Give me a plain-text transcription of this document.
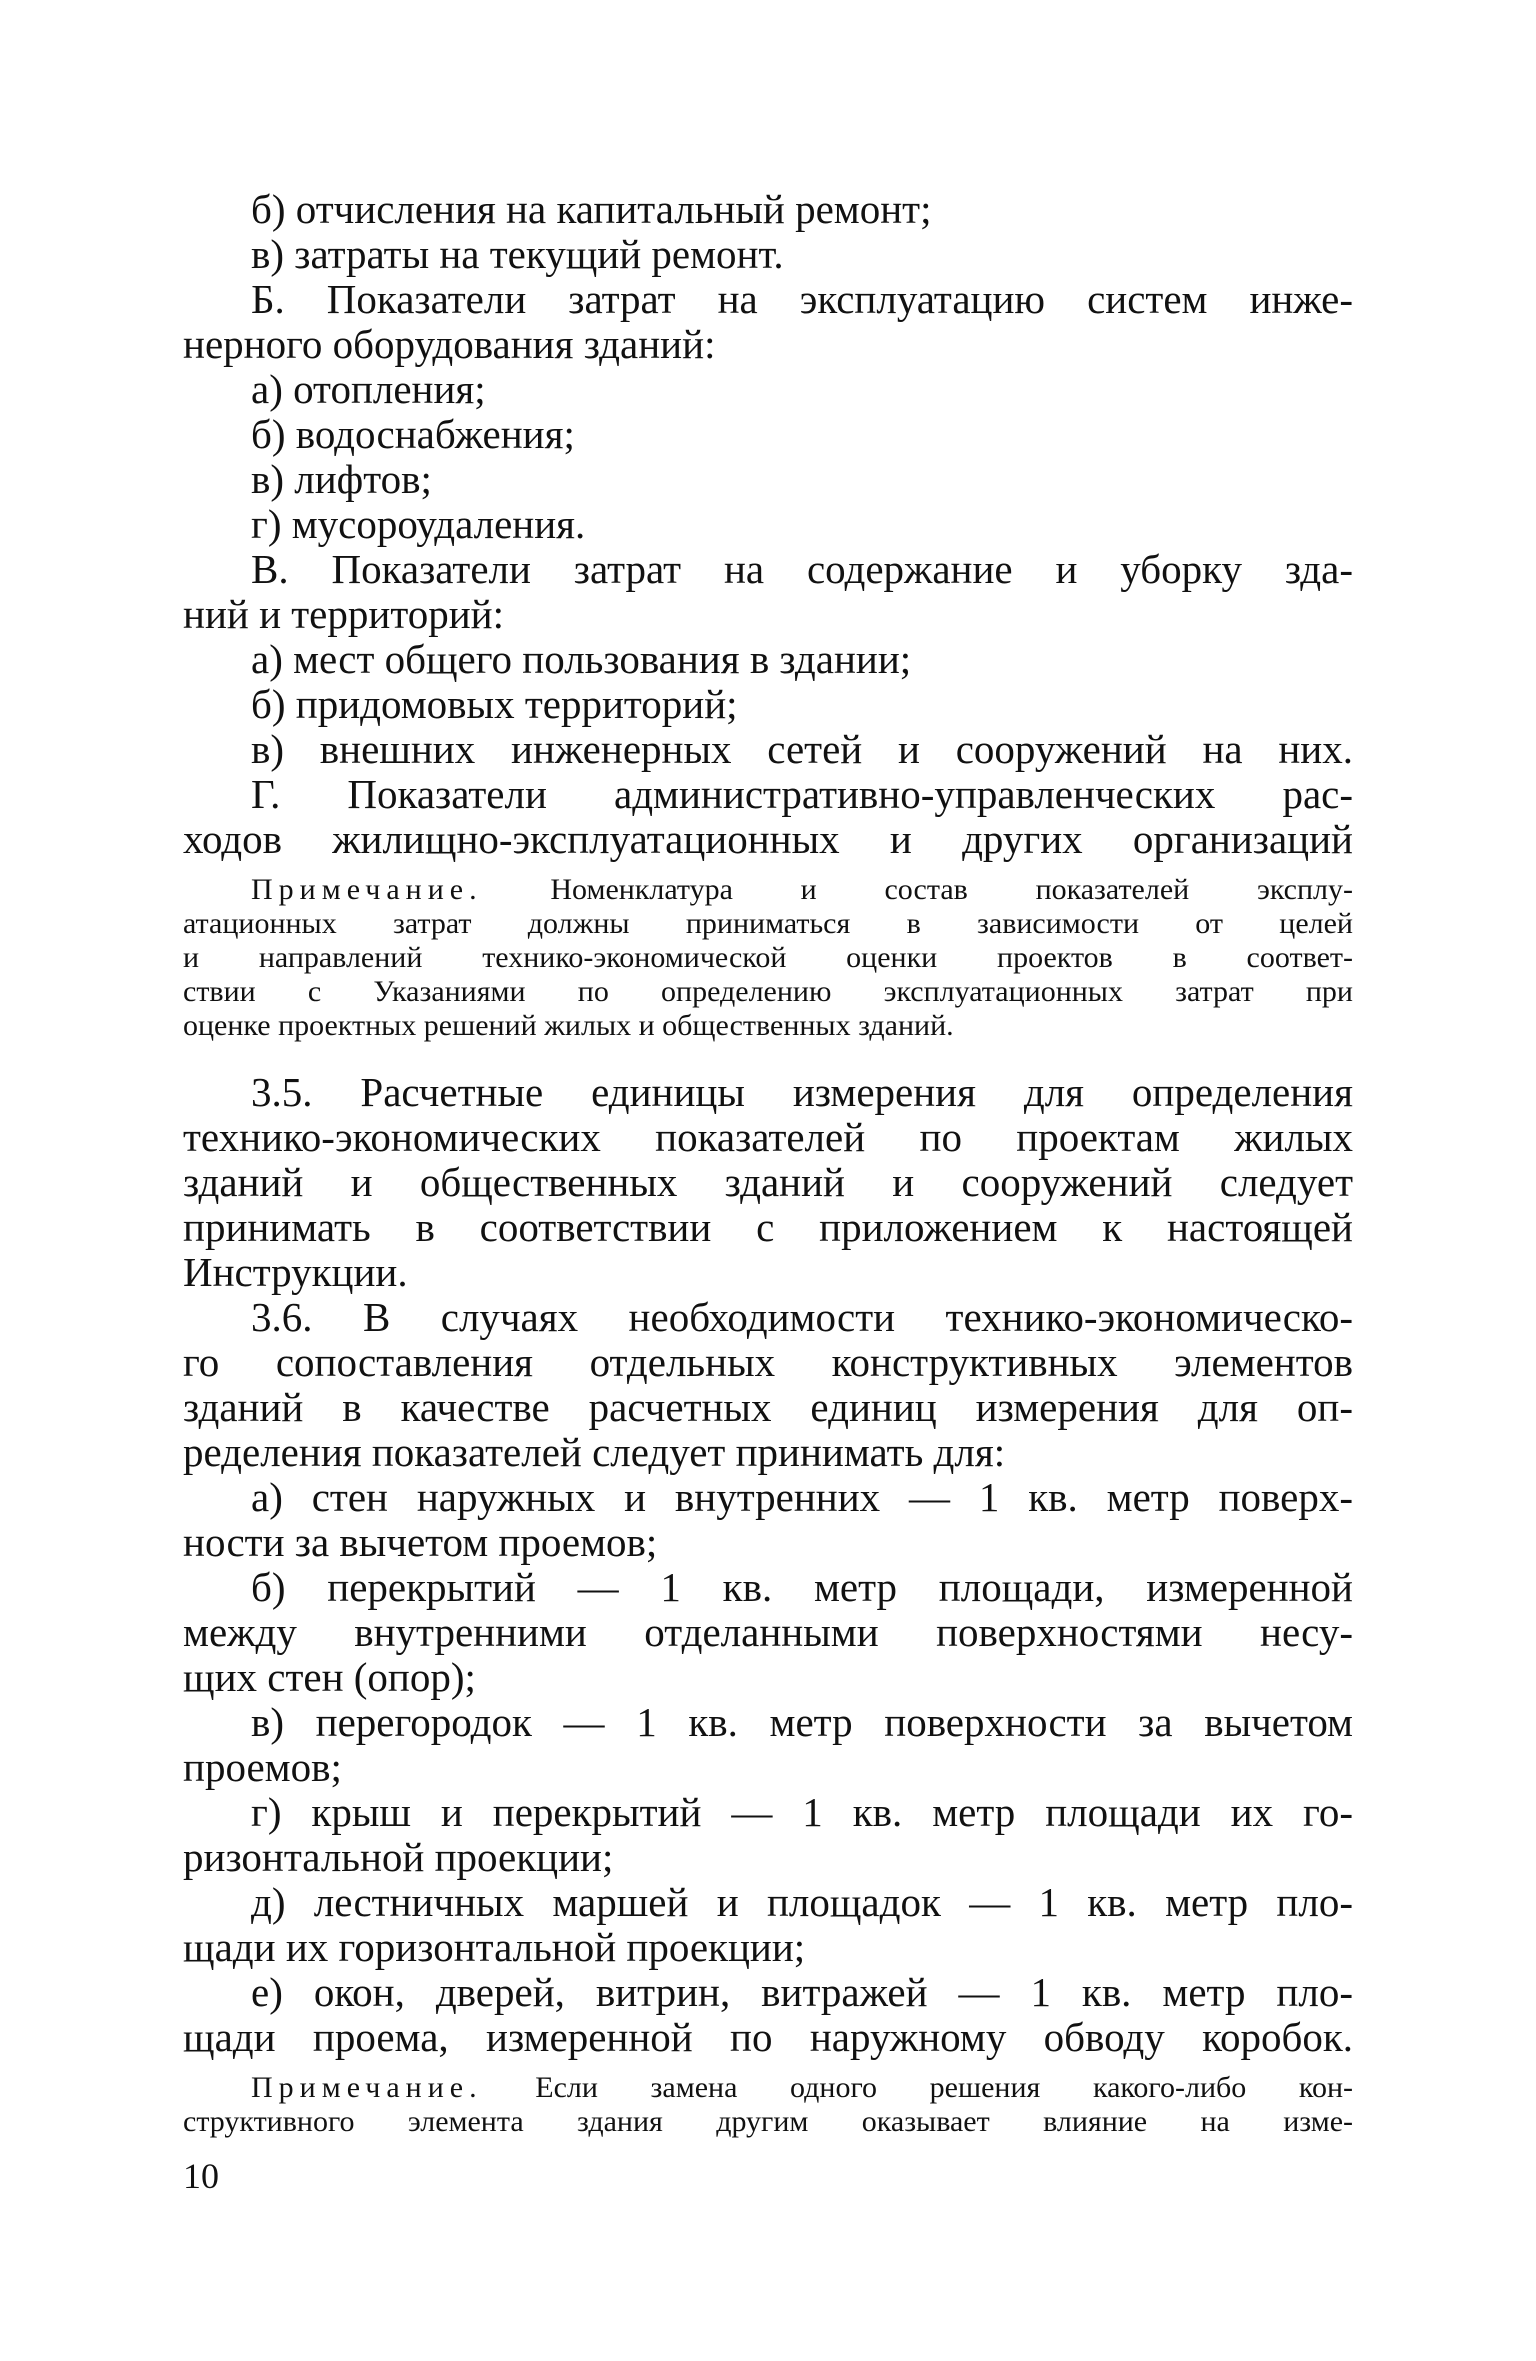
б) отчисления на капитальный ремонт;
в) затраты на текущий ремонт.
Б. Показатели затрат на эксплуатацию систем инже-
нерного оборудования зданий:
а) отопления;
б) водоснабжения;
в) лифтов;
г) мусороудаления.
В. Показатели затрат на содержание и уборку зда-
ний и территорий:
а) мест общего пользования в здании;
б) придомовых территорий;
в) внешних инженерных сетей и сооружений на них.
Г. Показатели административно-управленческих рас-
ходов жилищно-эксплуатационных и других организаций
Примечание. Номенклатура и состав показателей эксплу-
атационных затрат должны приниматься в зависимости от целей
и направлений технико-экономической оценки проектов в соответ-
ствии с Указаниями по определению эксплуатационных затрат при
оценке проектных решений жилых и общественных зданий.
3.5. Расчетные единицы измерения для определения
технико-экономических показателей по проектам жилых
зданий и общественных зданий и сооружений следует
принимать в соответствии с приложением к настоящей
Инструкции.
3.6. В случаях необходимости технико-экономическо-
го сопоставления отдельных конструктивных элементов
зданий в качестве расчетных единиц измерения для оп-
ределения показателей следует принимать для:
а) стен наружных и внутренних — 1 кв. метр поверх-
ности за вычетом проемов;
б) перекрытий — 1 кв. метр площади, измеренной
между внутренними отделанными поверхностями несу-
щих стен (опор);
в) перегородок — 1 кв. метр поверхности за вычетом
проемов;
г) крыш и перекрытий — 1 кв. метр площади их го-
ризонтальной проекции;
д) лестничных маршей и площадок — 1 кв. метр пло-
щади их горизонтальной проекции;
е) окон, дверей, витрин, витражей — 1 кв. метр пло-
щади проема, измеренной по наружному обводу коробок.
Примечание. Если замена одного решения какого-либо кон-
структивного элемента здания другим оказывает влияние на изме-
10
